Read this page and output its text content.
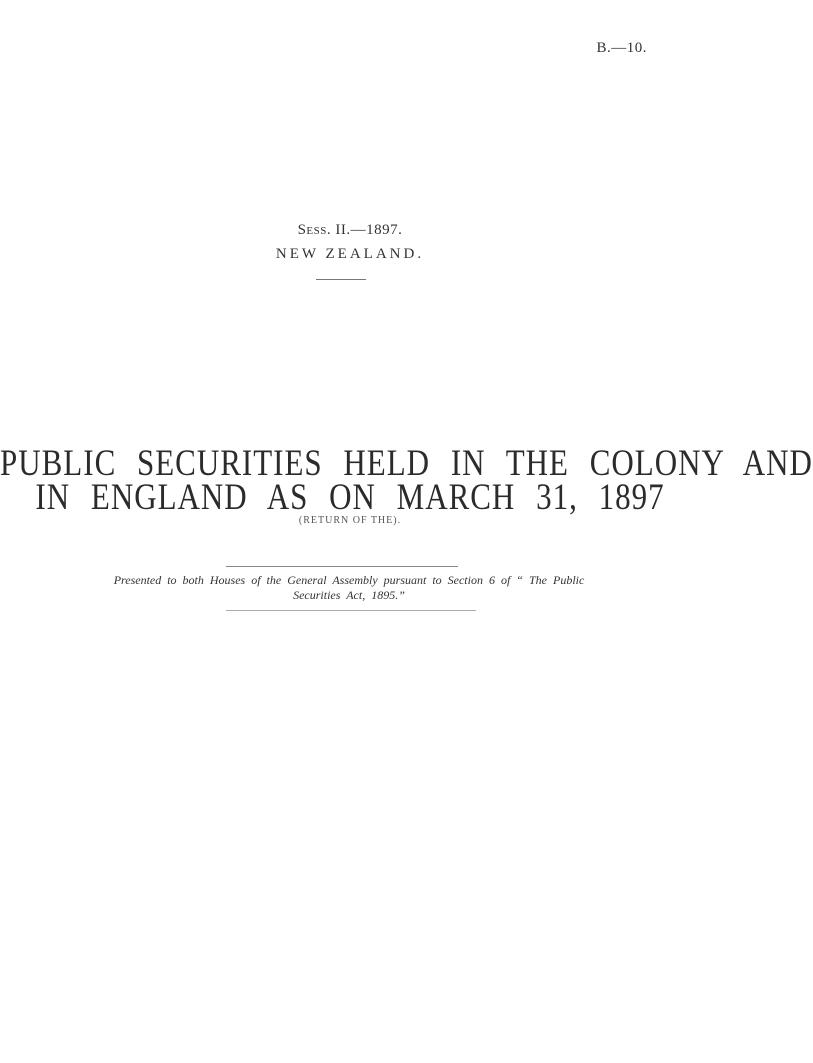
B.—10.
Sess. II.—1897.
NEW ZEALAND.
PUBLIC SECURITIES HELD IN THE COLONY AND
IN ENGLAND AS ON MARCH 31, 1897
(RETURN OF THE).
Presented to both Houses of the General Assembly pursuant to Section 6 of “ The Public
Securities Act, 1895.”
